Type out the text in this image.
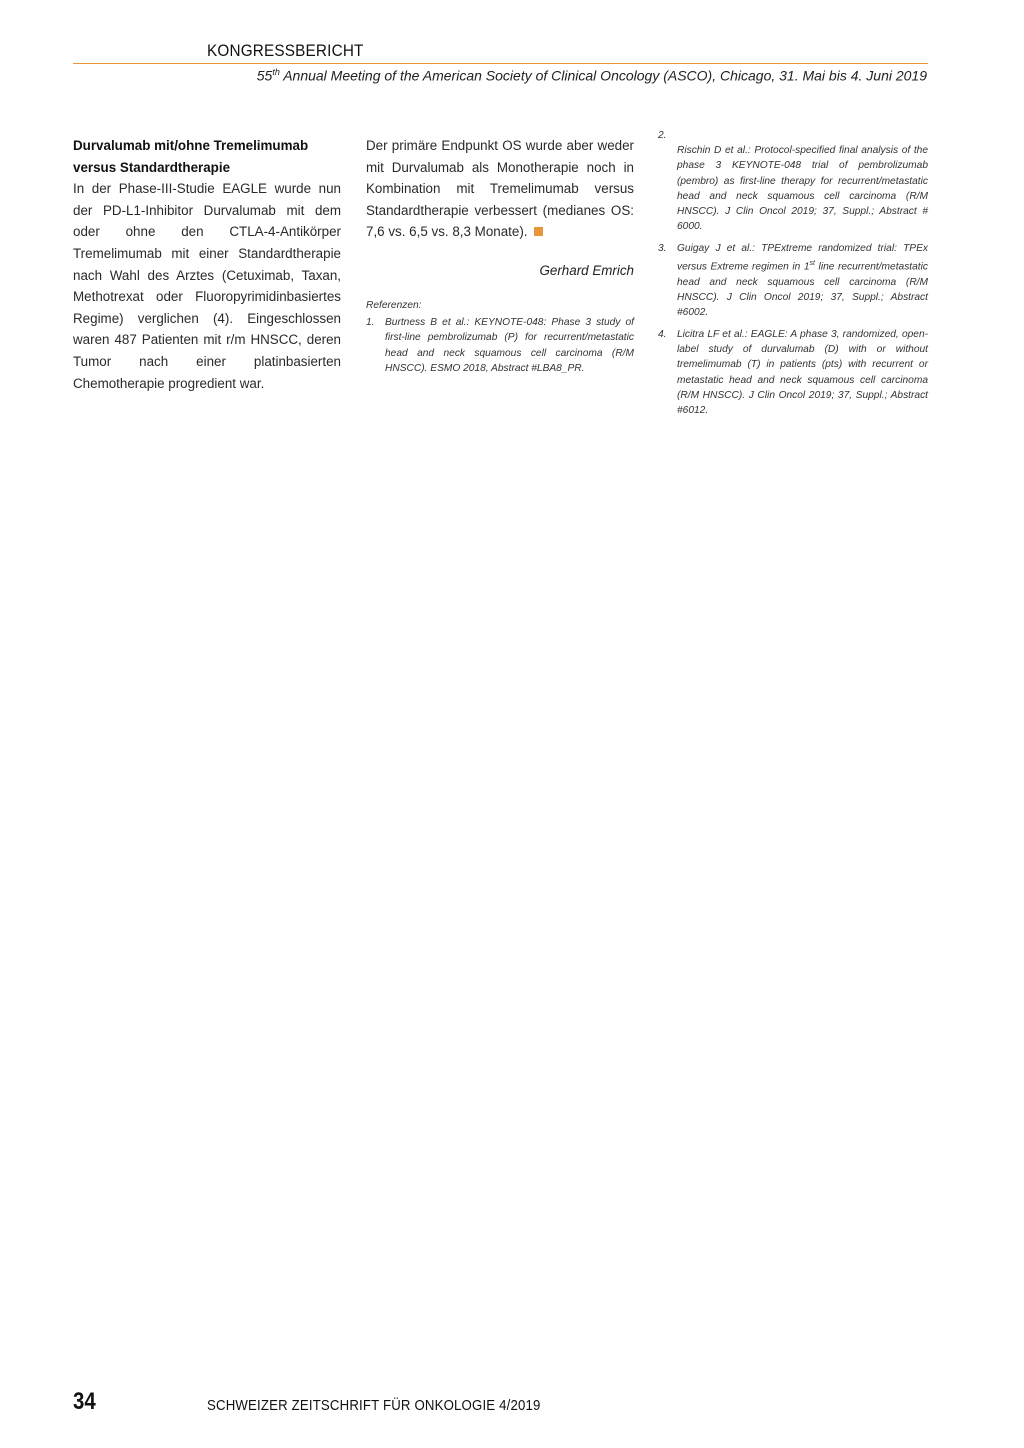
KONGRESSBERICHT
55th Annual Meeting of the American Society of Clinical Oncology (ASCO), Chicago, 31. Mai bis 4. Juni 2019
Durvalumab mit/ohne Tremelimumab versus Standardtherapie
In der Phase-III-Studie EAGLE wurde nun der PD-L1-Inhibitor Durvalumab mit dem oder ohne den CTLA-4-Antikörper Tremelimumab mit einer Standardtherapie nach Wahl des Arztes (Cetuximab, Taxan, Methotrexat oder Fluoropyrimidinbasiertes Regime) verglichen (4). Eingeschlossen waren 487 Patienten mit r/m HNSCC, deren Tumor nach einer platinbasierten Chemotherapie progredient war.
Der primäre Endpunkt OS wurde aber weder mit Durvalumab als Monotherapie noch in Kombination mit Tremelimumab versus Standardtherapie verbessert (medianes OS: 7,6 vs. 6,5 vs. 8,3 Monate).
Gerhard Emrich
Referenzen:
1. Burtness B et al.: KEYNOTE-048: Phase 3 study of first-line pembrolizumab (P) for recurrent/metastatic head and neck squamous cell carcinoma (R/M HNSCC). ESMO 2018, Abstract #LBA8_PR.
2.
Rischin D et al.: Protocol-specified final analysis of the phase 3 KEYNOTE-048 trial of pembrolizumab (pembro) as first-line therapy for recurrent/metastatic head and neck squamous cell carcinoma (R/M HNSCC). J Clin Oncol 2019; 37, Suppl.; Abstract # 6000.
3. Guigay J et al.: TPExtreme randomized trial: TPEx versus Extreme regimen in 1st line recurrent/metastatic head and neck squamous cell carcinoma (R/M HNSCC). J Clin Oncol 2019; 37, Suppl.; Abstract #6002.
4. Licitra LF et al.: EAGLE: A phase 3, randomized, open-label study of durvalumab (D) with or without tremelimumab (T) in patients (pts) with recurrent or metastatic head and neck squamous cell carcinoma (R/M HNSCC). J Clin Oncol 2019; 37, Suppl.; Abstract #6012.
34	SCHWEIZER ZEITSCHRIFT FÜR ONKOLOGIE 4/2019
